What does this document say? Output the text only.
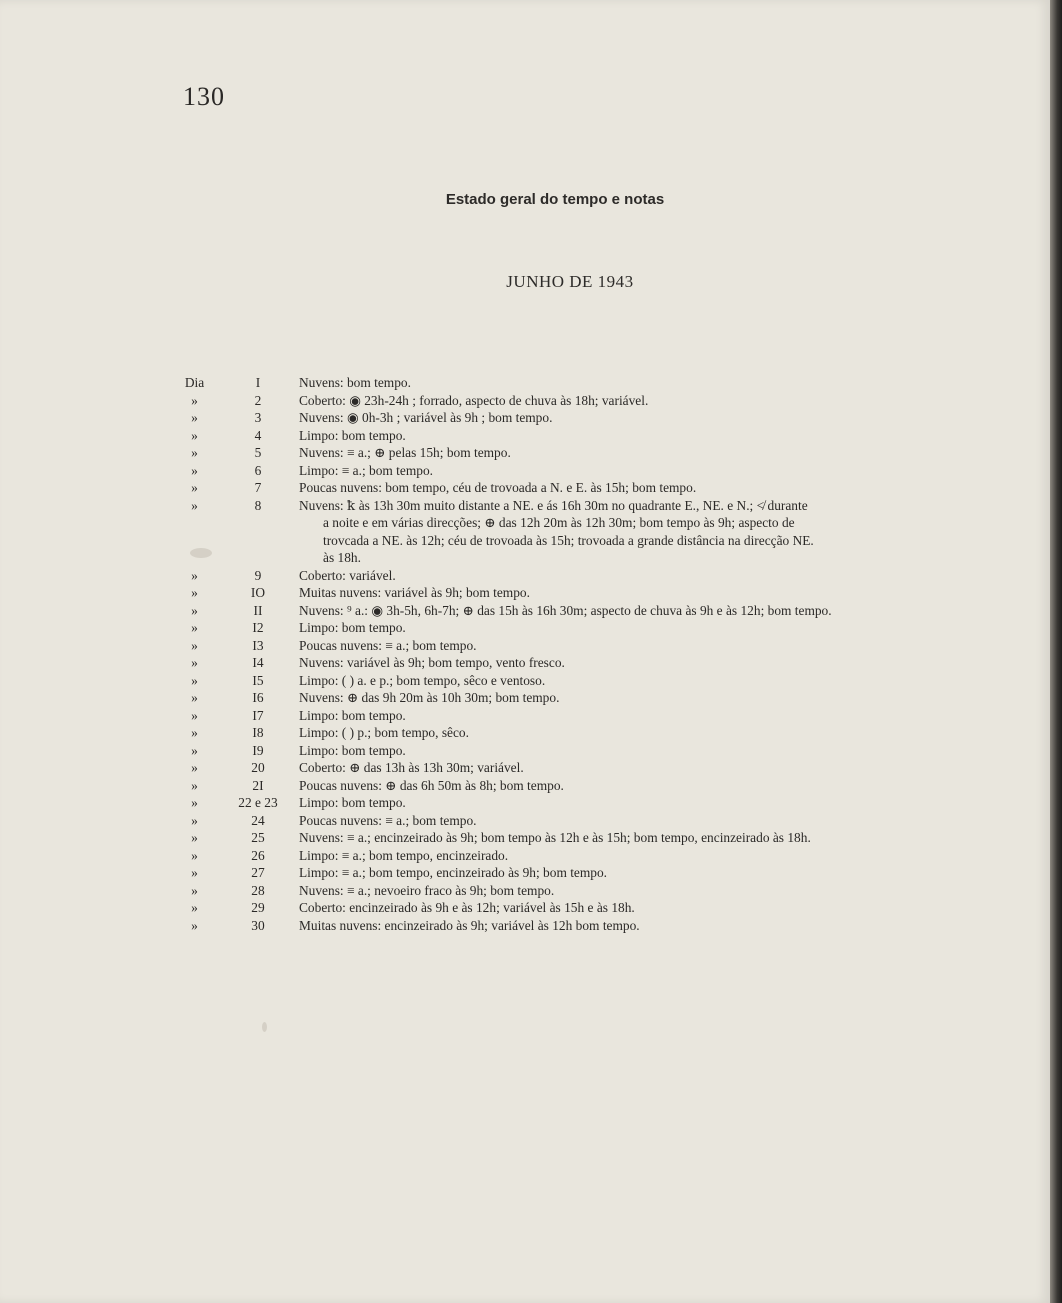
130
Estado geral do tempo e notas
JUNHO DE 1943
Dia	I	Nuvens: bom tempo.
»	2	Coberto: ◉ 23h-24h ; forrado, aspecto de chuva às 18h; variável.
»	3	Nuvens: ◉ 0h-3h ; variável às 9h ; bom tempo.
»	4	Limpo: bom tempo.
»	5	Nuvens: ≡ a.; ⊕ pelas 15h; bom tempo.
»	6	Limpo: ≡ a.; bom tempo.
»	7	Poucas nuvens: bom tempo, céu de trovoada a N. e E. às 15h; bom tempo.
»	8	Nuvens: ꝁ às 13h 30m muito distante a NE. e ás 16h 30m no quadrante E., NE. e N.; ≮ durante
a noite e em várias direcções; ⊕ das 12h 20m às 12h 30m; bom tempo às 9h; aspecto de
trovcada a NE. às 12h; céu de trovoada às 15h; trovoada a grande distância na direcção NE.
às 18h.
»	9	Coberto: variável.
»	IO	Muitas nuvens: variável às 9h; bom tempo.
»	II	Nuvens: ⁹ a.: ◉ 3h-5h, 6h-7h; ⊕ das 15h às 16h 30m; aspecto de chuva às 9h e às 12h; bom tempo.
»	I2	Limpo: bom tempo.
»	I3	Poucas nuvens: ≡ a.; bom tempo.
»	I4	Nuvens: variável às 9h; bom tempo, vento fresco.
»	I5	Limpo: ( ) a. e p.; bom tempo, sêco e ventoso.
»	I6	Nuvens: ⊕ das 9h 20m às 10h 30m; bom tempo.
»	I7	Limpo: bom tempo.
»	I8	Limpo: ( ) p.; bom tempo, sêco.
»	I9	Limpo: bom tempo.
»	20	Coberto: ⊕ das 13h às 13h 30m; variável.
»	2I	Poucas nuvens: ⊕ das 6h 50m às 8h; bom tempo.
»	22 e 23	Limpo: bom tempo.
»	24	Poucas nuvens: ≡ a.; bom tempo.
»	25	Nuvens: ≡ a.; encinzeirado às 9h; bom tempo às 12h e às 15h; bom tempo, encinzeirado às 18h.
»	26	Limpo: ≡ a.; bom tempo, encinzeirado.
»	27	Limpo: ≡ a.; bom tempo, encinzeirado às 9h; bom tempo.
»	28	Nuvens: ≡ a.; nevoeiro fraco às 9h; bom tempo.
»	29	Coberto: encinzeirado às 9h e às 12h; variável às 15h e às 18h.
»	30	Muitas nuvens: encinzeirado às 9h; variável às 12h bom tempo.
